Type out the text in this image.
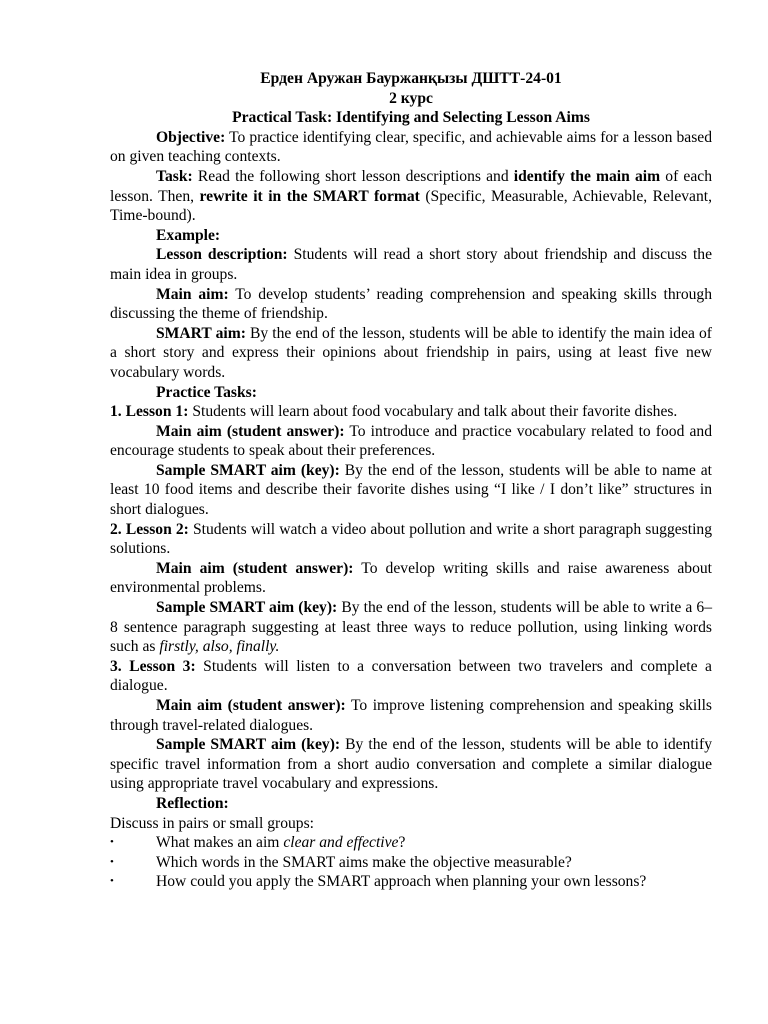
Ерден Аружан Бауржанқызы ДШТТ-24-01
2 курс
Practical Task: Identifying and Selecting Lesson Aims

Objective: To practice identifying clear, specific, and achievable aims for a lesson based on given teaching contexts.

Task: Read the following short lesson descriptions and identify the main aim of each lesson. Then, rewrite it in the SMART format (Specific, Measurable, Achievable, Relevant, Time-bound).

Example:

Lesson description: Students will read a short story about friendship and discuss the main idea in groups.

Main aim: To develop students’ reading comprehension and speaking skills through discussing the theme of friendship.

SMART aim: By the end of the lesson, students will be able to identify the main idea of a short story and express their opinions about friendship in pairs, using at least five new vocabulary words.

Practice Tasks:

1. Lesson 1: Students will learn about food vocabulary and talk about their favorite dishes.

Main aim (student answer): To introduce and practice vocabulary related to food and encourage students to speak about their preferences.

Sample SMART aim (key): By the end of the lesson, students will be able to name at least 10 food items and describe their favorite dishes using “I like / I don’t like” structures in short dialogues.

2. Lesson 2: Students will watch a video about pollution and write a short paragraph suggesting solutions.

Main aim (student answer): To develop writing skills and raise awareness about environmental problems.

Sample SMART aim (key): By the end of the lesson, students will be able to write a 6–8 sentence paragraph suggesting at least three ways to reduce pollution, using linking words such as firstly, also, finally.

3. Lesson 3: Students will listen to a conversation between two travelers and complete a dialogue.

Main aim (student answer): To improve listening comprehension and speaking skills through travel-related dialogues.

Sample SMART aim (key): By the end of the lesson, students will be able to identify specific travel information from a short audio conversation and complete a similar dialogue using appropriate travel vocabulary and expressions.

Reflection:

Discuss in pairs or small groups:

•	What makes an aim clear and effective?
•	Which words in the SMART aims make the objective measurable?
•	How could you apply the SMART approach when planning your own lessons?
